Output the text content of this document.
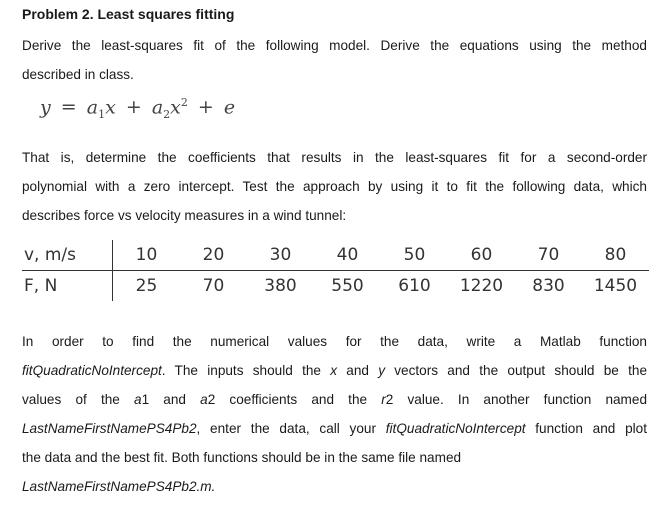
Problem 2. Least squares fitting
Derive the least-squares fit of the following model. Derive the equations using the method
described in class.
$y = a_1x + a_2x^2 + e$
That is, determine the coefficients that results in the least-squares fit for a second-order
polynomial with a zero intercept. Test the approach by using it to fit the following data, which
describes force vs velocity measures in a wind tunnel:
v, m/s	10	20	30	40	50	60	70	80
F, N	25	70	380	550	610	1220	830	1450
In order to find the numerical values for the data, write a Matlab function
fitQuadraticNoIntercept. The inputs should the x and y vectors and the output should be the
values of the a1 and a2 coefficients and the r2 value. In another function named
LastNameFirstNamePS4Pb2, enter the data, call your fitQuadraticNoIntercept function and plot
the data and the best fit. Both functions should be in the same file named
LastNameFirstNamePS4Pb2.m.
